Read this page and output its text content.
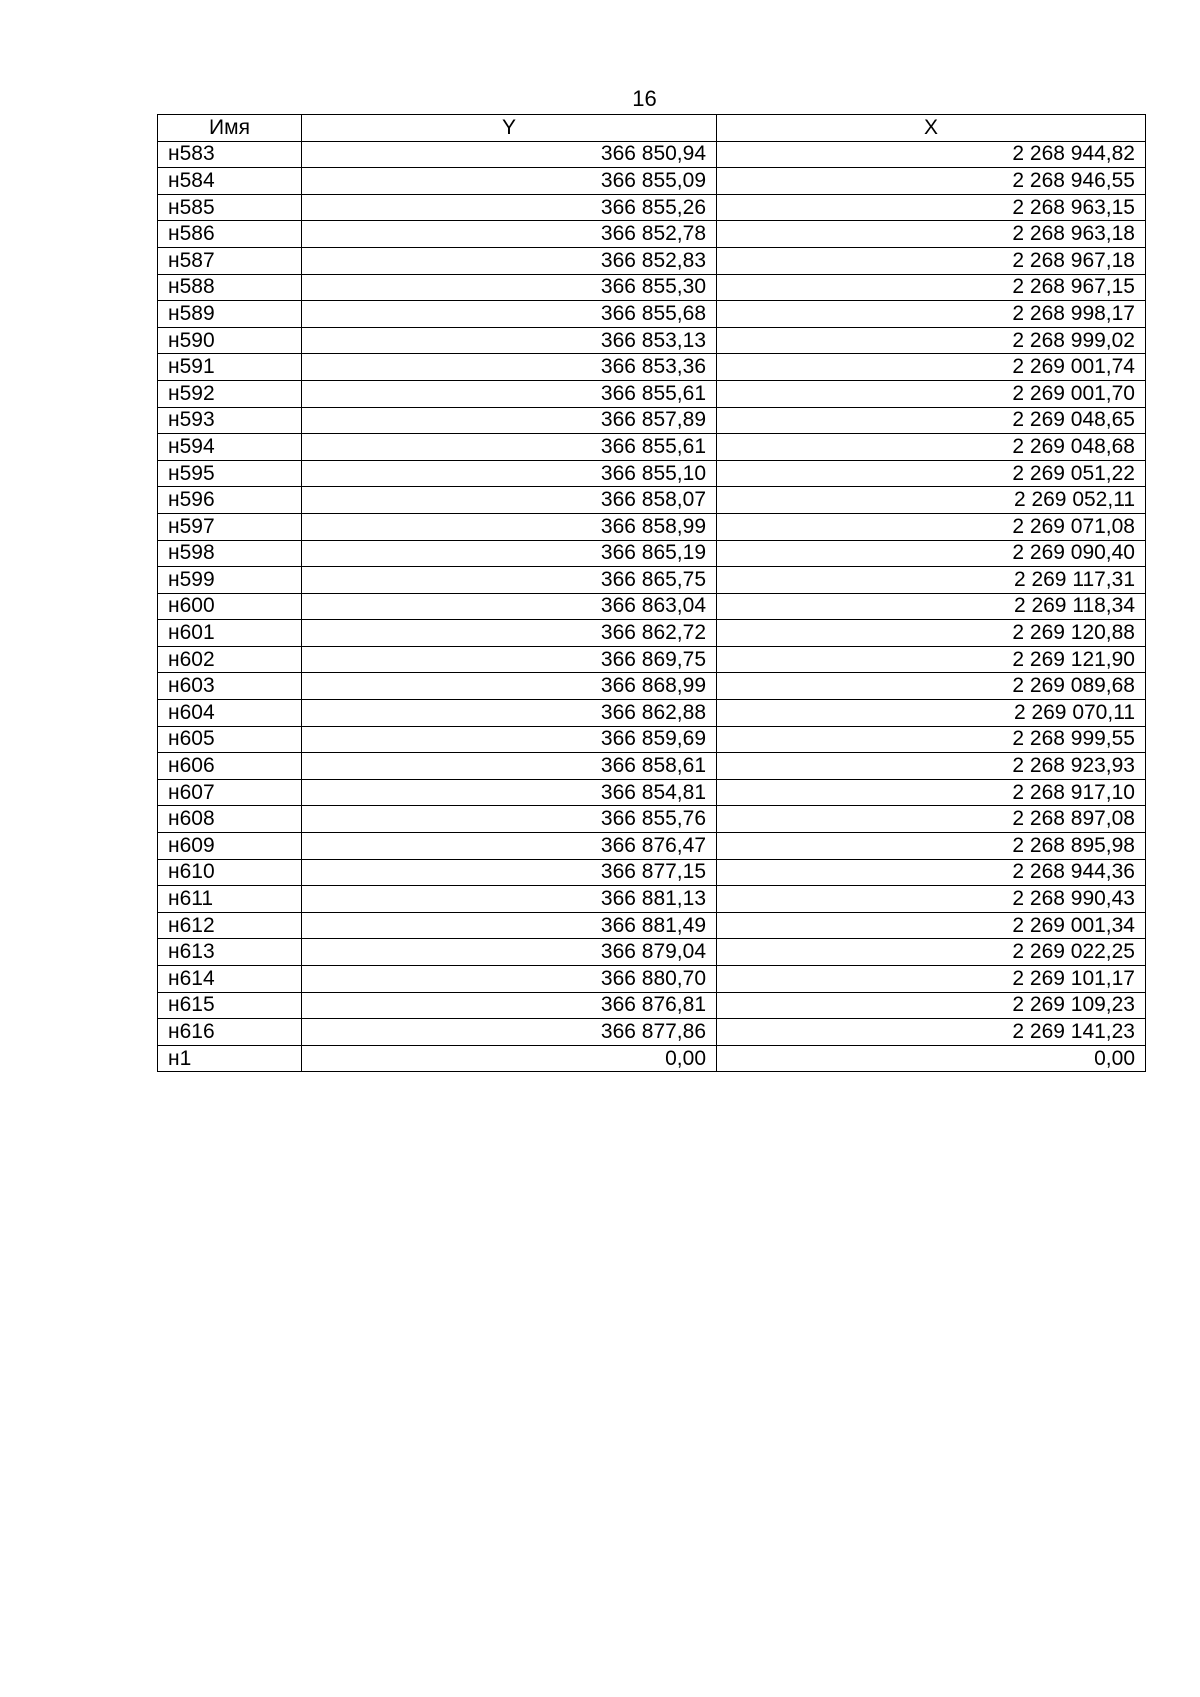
16
Имя	Y	X
н583	366 850,94	2 268 944,82
н584	366 855,09	2 268 946,55
н585	366 855,26	2 268 963,15
н586	366 852,78	2 268 963,18
н587	366 852,83	2 268 967,18
н588	366 855,30	2 268 967,15
н589	366 855,68	2 268 998,17
н590	366 853,13	2 268 999,02
н591	366 853,36	2 269 001,74
н592	366 855,61	2 269 001,70
н593	366 857,89	2 269 048,65
н594	366 855,61	2 269 048,68
н595	366 855,10	2 269 051,22
н596	366 858,07	2 269 052,11
н597	366 858,99	2 269 071,08
н598	366 865,19	2 269 090,40
н599	366 865,75	2 269 117,31
н600	366 863,04	2 269 118,34
н601	366 862,72	2 269 120,88
н602	366 869,75	2 269 121,90
н603	366 868,99	2 269 089,68
н604	366 862,88	2 269 070,11
н605	366 859,69	2 268 999,55
н606	366 858,61	2 268 923,93
н607	366 854,81	2 268 917,10
н608	366 855,76	2 268 897,08
н609	366 876,47	2 268 895,98
н610	366 877,15	2 268 944,36
н611	366 881,13	2 268 990,43
н612	366 881,49	2 269 001,34
н613	366 879,04	2 269 022,25
н614	366 880,70	2 269 101,17
н615	366 876,81	2 269 109,23
н616	366 877,86	2 269 141,23
н1	0,00	0,00
